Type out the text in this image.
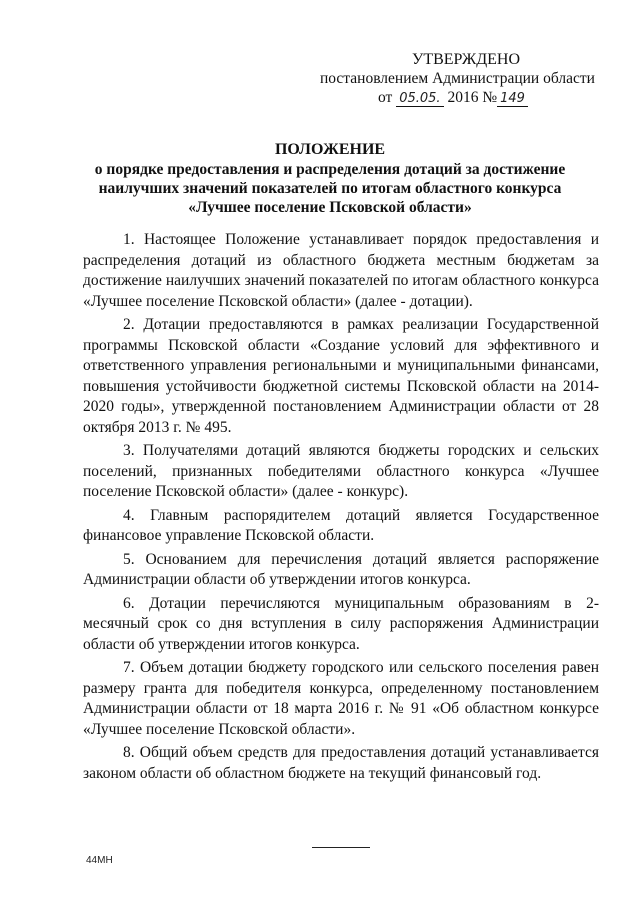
УТВЕРЖДЕНО
постановлением Администрации области
от 05.05. 2016 № 149
ПОЛОЖЕНИЕ
о порядке предоставления и распределения дотаций за достижение
наилучших значений показателей по итогам областного конкурса
«Лучшее поселение Псковской области»

1. Настоящее Положение устанавливает порядок предоставления и распределения дотаций из областного бюджета местным бюджетам за достижение наилучших значений показателей по итогам областного конкурса «Лучшее поселение Псковской области» (далее - дотации).

2. Дотации предоставляются в рамках реализации Государственной программы Псковской области «Создание условий для эффективного и ответственного управления региональными и муниципальными финансами, повышения устойчивости бюджетной системы Псковской области на 2014-2020 годы», утвержденной постановлением Администрации области от 28 октября 2013 г. № 495.

3. Получателями дотаций являются бюджеты городских и сельских поселений, признанных победителями областного конкурса «Лучшее поселение Псковской области» (далее - конкурс).

4. Главным распорядителем дотаций является Государственное финансовое управление Псковской области.

5. Основанием для перечисления дотаций является распоряжение Администрации области об утверждении итогов конкурса.

6. Дотации перечисляются муниципальным образованиям в 2-месячный срок со дня вступления в силу распоряжения Администрации области об утверждении итогов конкурса.

7. Объем дотации бюджету городского или сельского поселения равен размеру гранта для победителя конкурса, определенному постановлением Администрации области от 18 марта 2016 г. № 91 «Об областном конкурсе «Лучшее поселение Псковской области».

8. Общий объем средств для предоставления дотаций устанавливается законом области об областном бюджете на текущий финансовый год.

44МН
